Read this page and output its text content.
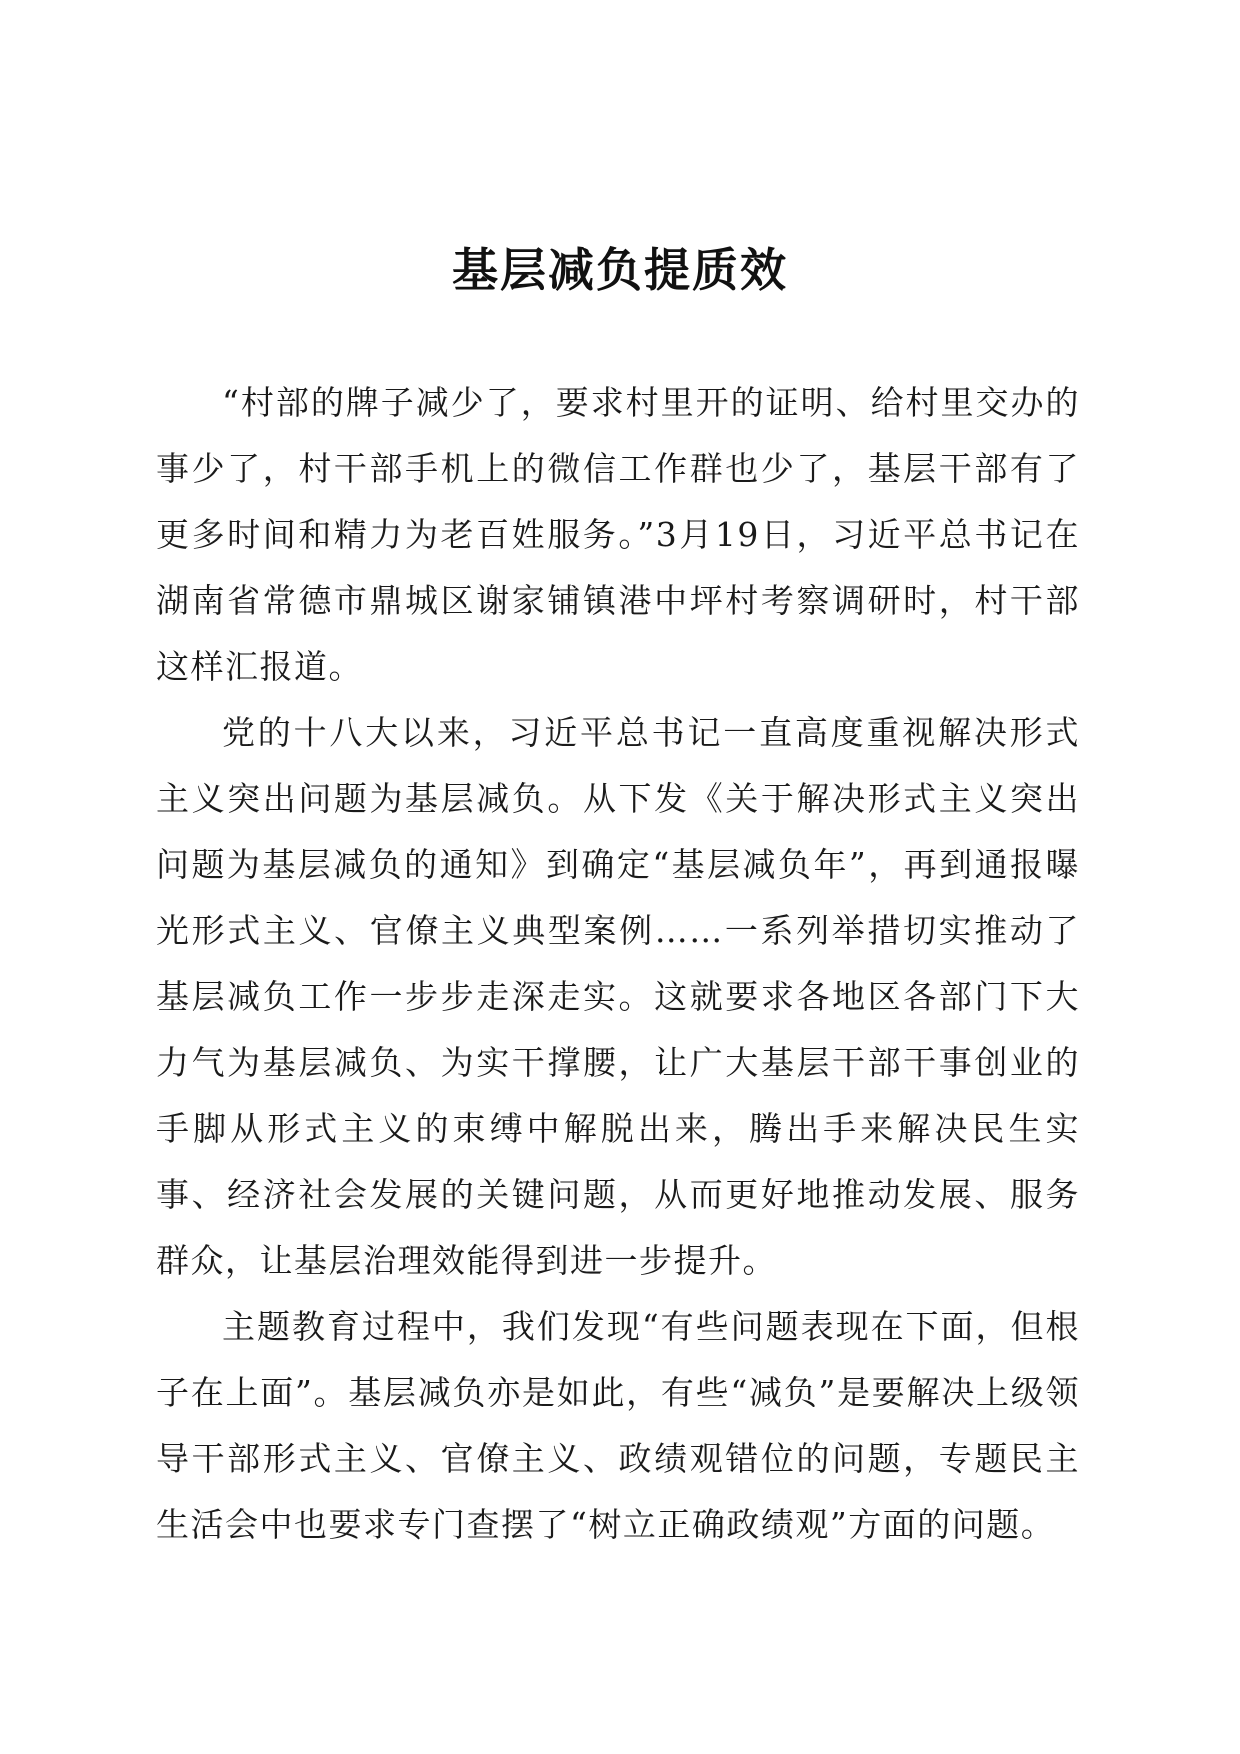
基层减负提质效

“村部的牌子减少了，要求村里开的证明、给村里交办的事少了，村干部手机上的微信工作群也少了，基层干部有了更多时间和精力为老百姓服务。”3月19日，习近平总书记在湖南省常德市鼎城区谢家铺镇港中坪村考察调研时，村干部这样汇报道。

党的十八大以来，习近平总书记一直高度重视解决形式主义突出问题为基层减负。从下发《关于解决形式主义突出问题为基层减负的通知》到确定“基层减负年”，再到通报曝光形式主义、官僚主义典型案例……一系列举措切实推动了基层减负工作一步步走深走实。这就要求各地区各部门下大力气为基层减负、为实干撑腰，让广大基层干部干事创业的手脚从形式主义的束缚中解脱出来，腾出手来解决民生实事、经济社会发展的关键问题，从而更好地推动发展、服务群众，让基层治理效能得到进一步提升。

主题教育过程中，我们发现“有些问题表现在下面，但根子在上面”。基层减负亦是如此，有些“减负”是要解决上级领导干部形式主义、官僚主义、政绩观错位的问题，专题民主生活会中也要求专门查摆了“树立正确政绩观”方面的问题。
